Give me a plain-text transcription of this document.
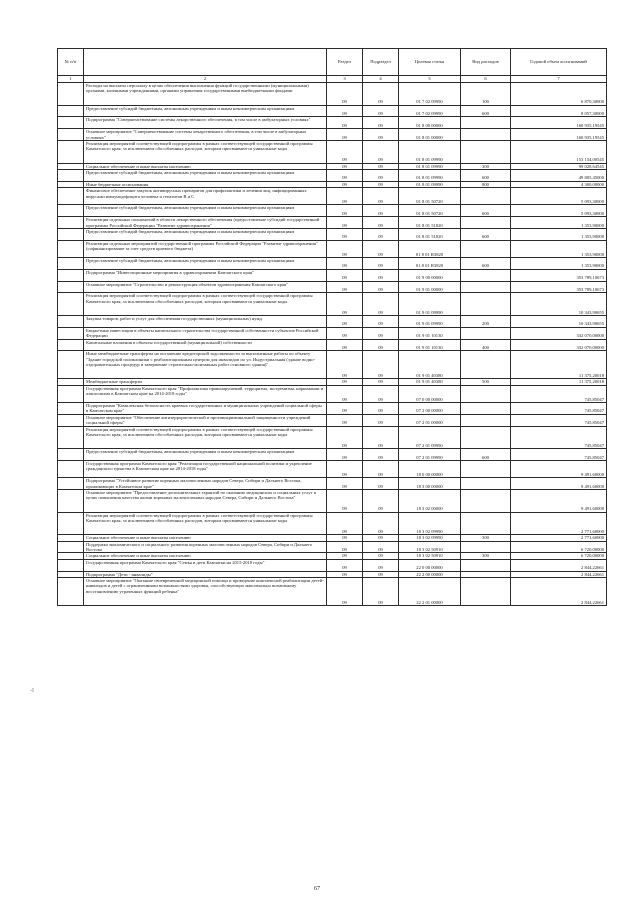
`
-I
№ п/п		Раздел	Подраздел	Целевая статья	Вид расходов	Годовой объем ассигнований
1	2	3	4	5	6	7
	Расходы на выплаты персоналу в целях обеспечения выполнения функций государственными (муниципальными) органами, казенными учреждениями, органами управления государственными внебюджетными фондами	09	09	01 7 02 09990	100	6 870,30000
	Предоставление субсидий бюджетным, автономным учреждениям и иным некоммерческим организациям	09	09	01 7 02 09990	600	8 057,30000
	Подпрограмма "Совершенствование системы лекарственного обеспечения, в том числе в амбулаторных условиях"	09	09	01 8 00 00000		160 935,19545
	Основное мероприятие "Совершенствование системы лекарственного обеспечения, в том числе в амбулаторных условиях"	09	09	01 8 01 00000		160 935,19545
	Реализация мероприятий соответствующей подпрограммы в рамках соответствующей государственной программы Камчатского края, за исключением обособленных расходов, которым присваиваются уникальные коды	09	09	01 8 01 09990		153 134,00545
	Социальное обеспечение и иные выплаты населению	09	09	01 8 01 09990	300	99 028,64545
	Предоставление субсидий бюджетным, автономным учреждениям и иным некоммерческим организациям	09	09	01 8 01 09990	600	49 805,45000
	Иные бюджетные ассигнования	09	09	01 8 01 09990	800	4 300,00000
	Финансовое обеспечение закупок антивирусных препаратов для профилактики и лечения лиц, инфицированных вирусами иммунодефицита человека и гепатитов В и С	09	09	01 8 01 50720		5 093,30000
	Предоставление субсидий бюджетным, автономным учреждениям и иным некоммерческим организациям	09	09	01 8 01 50720	600	5 093,30000
	Реализация отдельных полномочий в области лекарственного обеспечения (предоставление субсидий государственной программы Российской Федерации "Развитие здравоохранения"	09	09	01 8 01 51820		1 353,90000
	Предоставление субсидий бюджетным, автономным учреждениям и иным некоммерческим организациям	09	09	01 8 01 51820	600	1 353,90000
	Реализация отдельных мероприятий государственной программы Российской Федерации "Развитие здравоохранения" (софинансирование за счет средств краевого бюджета)	09	09	01 8 01 R3820		1 353,90000
	Предоставление субсидий бюджетным, автономным учреждениям и иным некоммерческим организациям	09	09	01 8 01 R3820	600	1 353,90000
	Подпрограмма "Инвестиционные мероприятия в здравоохранении Камчатского края"	09	09	01 9 00 00000		353 789,10673
	Основное мероприятие "Строительство и реконструкция объектов здравоохранения Камчатского края"	09	09	01 9 01 00000		353 789,10673
	Реализация мероприятий соответствующей подпрограммы в рамках соответствующей государственной программы Камчатского края, за исключением обособленных расходов, которым присваиваются уникальные коды	09	09	01 9 01 09990		10 343,90655
	Закупка товаров, работ и услуг для обеспечения государственных (муниципальных) нужд	09	09	01 9 01 09990	200	10 343,90655
	Бюджетные инвестиции в объекты капитального строительства государственной собственности субъектов Российской Федерации	09	09	01 9 01 10130		332 070,00000
	Капитальные вложения в объекты государственной (муниципальной) собственности	09	09	01 9 01 10130	400	332 070,00000
	Иные межбюджетные трансферты на погашение кредиторской задолженности за выполненные работы по объекту "Здание городской поликлиники с реабилитационным центром для инвалидов по ул. Индустриальная (здание водно-оздоровительных процедур и завершение строительно-монтажных работ основного здания)"	09	09	01 9 01 40380		11 375,20018
	Межбюджетные трансферты	09	09	01 9 01 40380	500	11 375,20018
	Государственная программа Камчатского края "Профилактика правонарушений, терроризма, экстремизма, наркомании и алкоголизма в Камчатском крае на 2014-2018 годы"	09	09	07 0 00 00000		745,85047
	Подпрограмма "Комплексная безопасность краевых государственных и муниципальных учреждений социальной сферы в Камчатском крае"	09	09	07 2 00 00000		745,85047
	Основное мероприятие "Обеспечение антитеррористической и противокриминальной защищенности учреждений социальной сферы"	09	09	07 2 01 00000		745,85047
	Реализация мероприятий соответствующей подпрограммы в рамках соответствующей государственной программы Камчатского края, за исключением обособленных расходов, которым присваиваются уникальные коды	09	09	07 2 01 09990		745,85047
	Предоставление субсидий бюджетным, автономным учреждениям и иным некоммерческим организациям	09	09	07 2 01 09990	600	745,85047
	Государственная программа Камчатского края "Реализация государственной национальной политики и укрепление гражданского единства в Камчатском крае на 2014-2018 годы"	09	09	18 0 00 00000		9 491,60000
	Подпрограмма "Устойчивое развитие коренных малочисленных народов Севера, Сибири и Дальнего Востока, проживающих в Камчатском крае"	09	09	18 3 00 00000		9 491,60000
	Основное мероприятие "Предоставление дополнительных гарантий по оказанию медицинских и социальных услуг в целях повышения качества жизни коренных малочисленных народов Севера, Сибири и Дальнего Востока"	09	09	18 3 02 00000		9 491,60000
	Реализация мероприятий соответствующей подпрограммы в рамках соответствующей государственной программы Камчатского края, за исключением обособленных расходов, которым присваиваются уникальные коды	09	09	18 3 02 09990		2 771,60000
	Социальное обеспечение и иные выплаты населению	09	09	18 3 02 09990	300	2 771,60000
	Поддержка экономического и социального развития коренных малочисленных народов Севера, Сибири и Дальнего Востока	09	09	18 3 02 50910		6 720,00000
	Социальное обеспечение и иные выплаты населению	09	09	18 3 02 50910	300	6 720,00000
	Государственная программа Камчатского края "Семья и дети Камчатки на 2015-2018 годы"	09	09	22 0 00 00000		2 844,22661
	Подпрограмма "Дети - инвалиды"	09	09	22 2 00 00000		2 844,22661
	Основное мероприятие "Оказание своевременной медицинской помощи и проведение комплексной реабилитации детей-инвалидов и детей с ограниченными возможностями здоровья, способствующих максимально возможному восстановлению утраченных функций ребенка"	09	09	22 2 01 00000		2 844,22661
67
